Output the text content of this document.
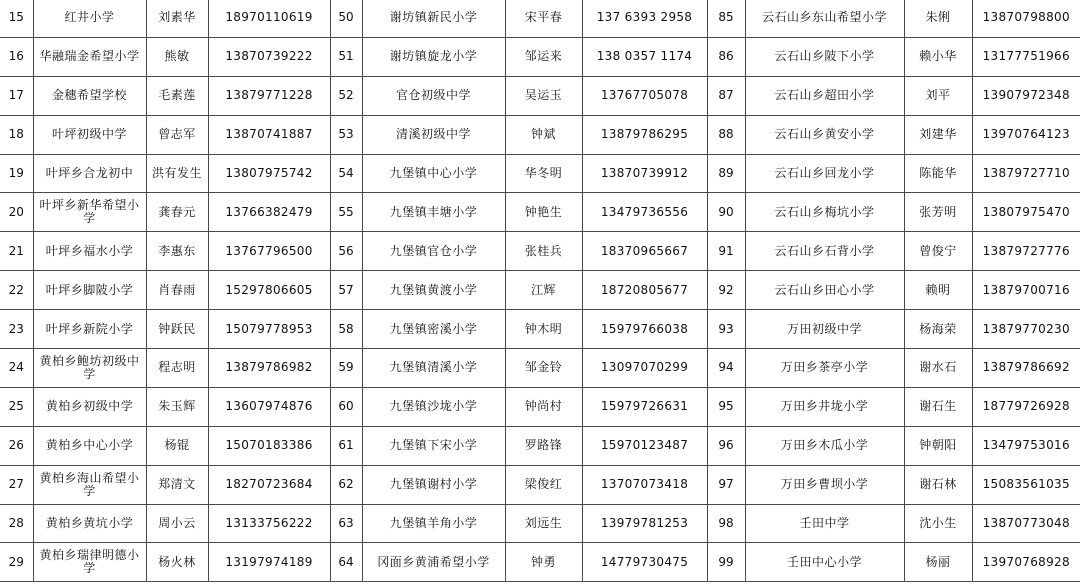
15	红井小学	刘素华	18970110619	50	谢坊镇新民小学	宋平春	137 6393 2958	85	云石山乡东山希望小学	朱俐	13870798800
16	华融瑞金希望小学	熊敏	13870739222	51	谢坊镇旋龙小学	邹运来	138 0357 1174	86	云石山乡陂下小学	赖小华	13177751966
17	金穗希望学校	毛素莲	13879771228	52	官仓初级中学	吴运玉	13767705078	87	云石山乡超田小学	刘平	13907972348
18	叶坪初级中学	曾志军	13870741887	53	清溪初级中学	钟斌	13879786295	88	云石山乡黄安小学	刘建华	13970764123
19	叶坪乡合龙初中	洪有发生	13807975742	54	九堡镇中心小学	华冬明	13870739912	89	云石山乡回龙小学	陈能华	13879727710
20	叶坪乡新华希望小学	龚春元	13766382479	55	九堡镇丰塘小学	钟艳生	13479736556	90	云石山乡梅坑小学	张芳明	13807975470
21	叶坪乡福水小学	李惠东	13767796500	56	九堡镇官仓小学	张桂兵	18370965667	91	云石山乡石背小学	曾俊宁	13879727776
22	叶坪乡脚陂小学	肖春雨	15297806605	57	九堡镇黄渡小学	江辉	18720805677	92	云石山乡田心小学	赖明	13879700716
23	叶坪乡新院小学	钟跃民	15079778953	58	九堡镇密溪小学	钟木明	15979766038	93	万田初级中学	杨海荣	13879770230
24	黄柏乡鲍坊初级中学	程志明	13879786982	59	九堡镇清溪小学	邹金铃	13097070299	94	万田乡茶亭小学	谢水石	13879786692
25	黄柏乡初级中学	朱玉辉	13607974876	60	九堡镇沙垅小学	钟尚村	15979726631	95	万田乡井垅小学	谢石生	18779726928
26	黄柏乡中心小学	杨锟	15070183386	61	九堡镇下宋小学	罗路锋	15970123487	96	万田乡木瓜小学	钟朝阳	13479753016
27	黄柏乡海山希望小学	郑清文	18270723684	62	九堡镇谢村小学	梁俊红	13707073418	97	万田乡曹坝小学	谢石林	15083561035
28	黄柏乡黄坑小学	周小云	13133756222	63	九堡镇羊角小学	刘远生	13979781253	98	壬田中学	沈小生	13870773048
29	黄柏乡瑞律明德小学	杨火林	13197974189	64	冈面乡黄浦希望小学	钟勇	14779730475	99	壬田中心小学	杨丽	13970768928
